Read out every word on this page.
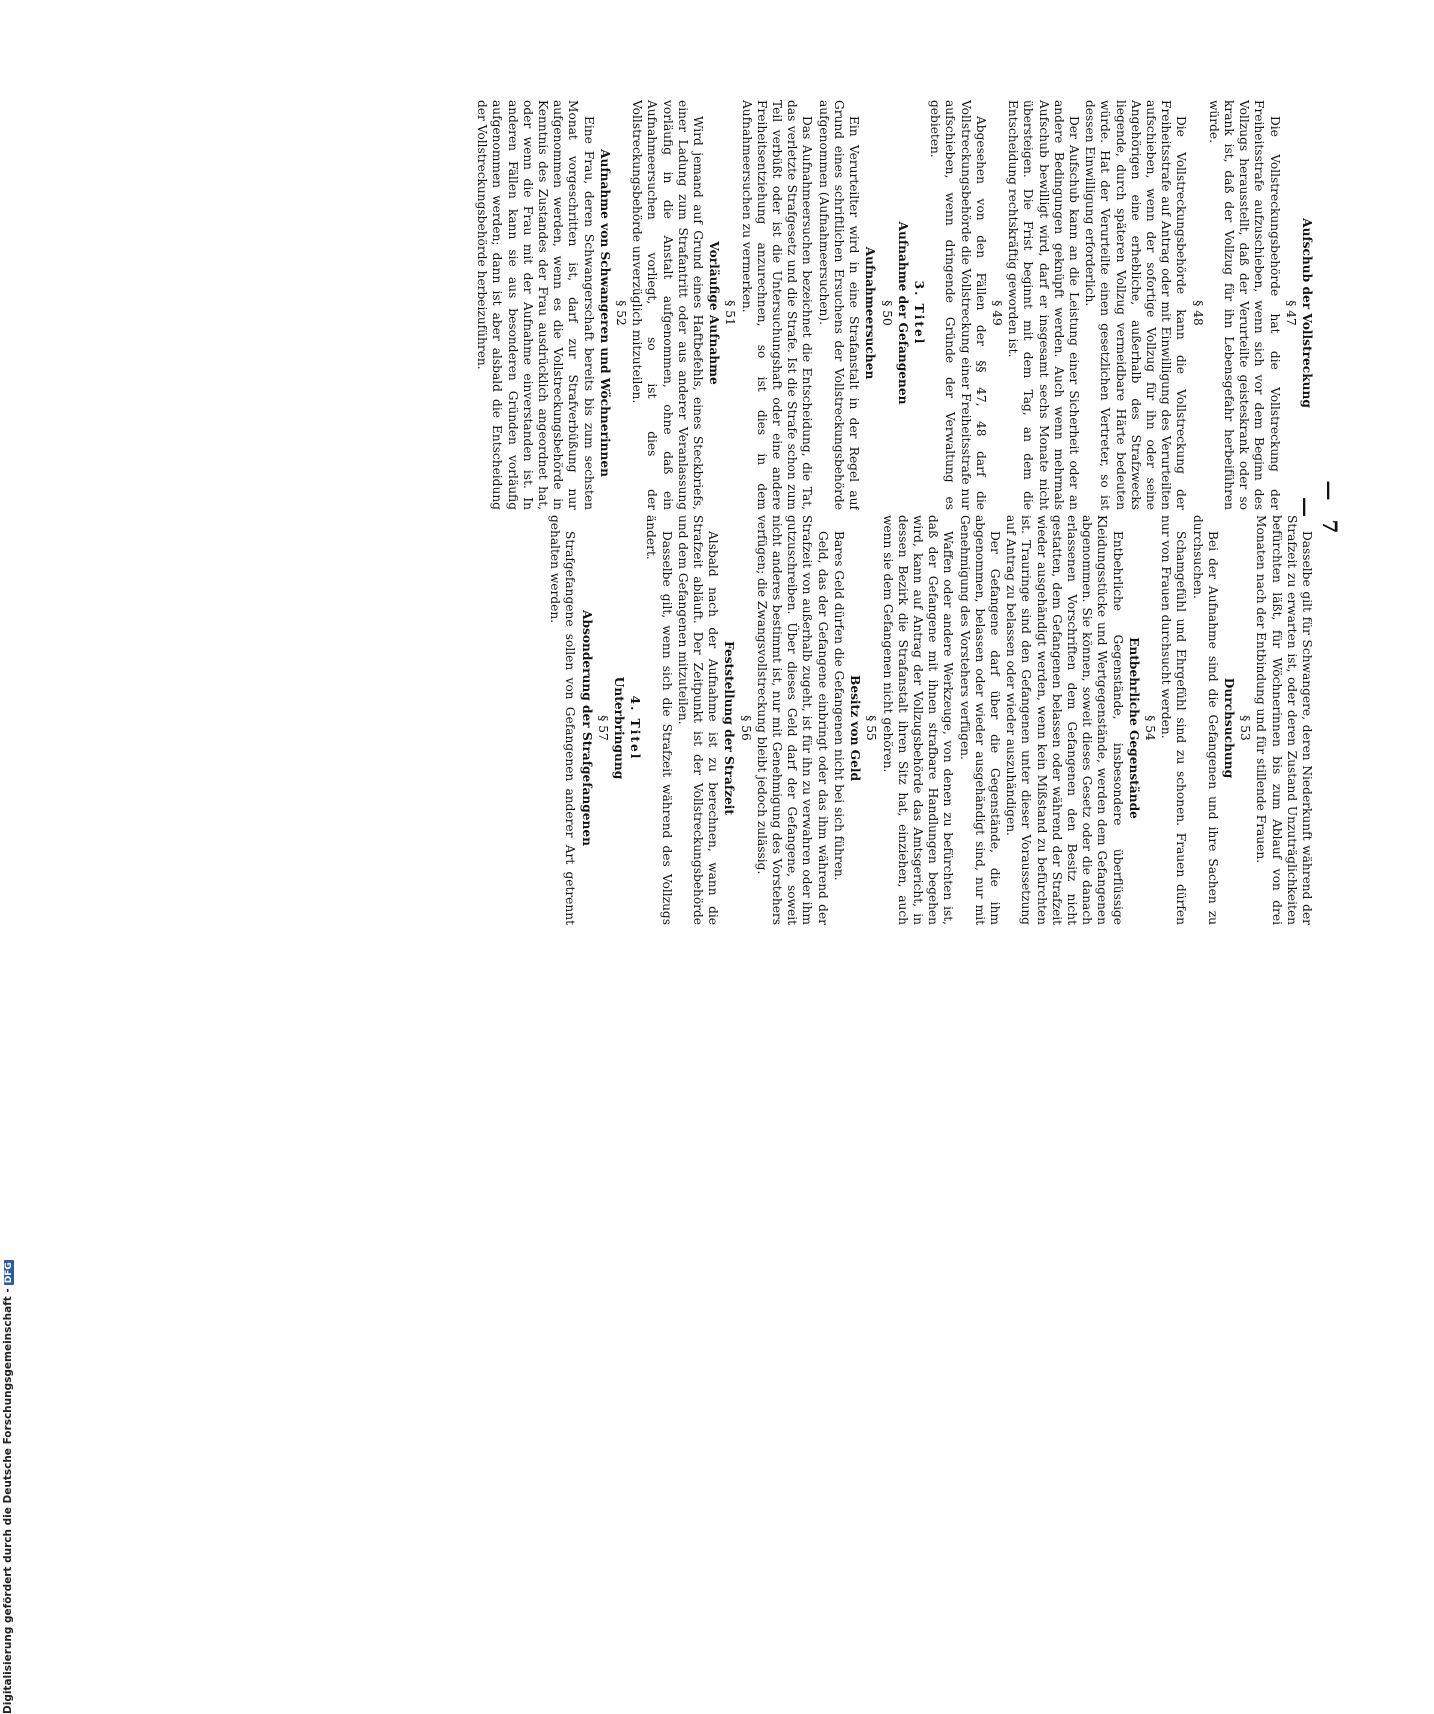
— 7 —

Aufschub der Vollstreckung

§ 47

Die Vollstreckungsbehörde hat die Vollstreckung der Freiheitsstrafe aufzuschieben, wenn sich vor dem Beginn des Vollzugs herausstellt, daß der Verurteilte geisteskrank oder so krank ist, daß der Vollzug für ihn Lebensgefahr herbeiführen würde.

§ 48

Die Vollstreckungsbehörde kann die Vollstreckung der Freiheitsstrafe auf Antrag oder mit Einwilligung des Verurteilten aufschieben, wenn der sofortige Vollzug für ihn oder seine Angehörigen eine erhebliche, außerhalb des Strafzwecks liegende, durch späteren Vollzug vermeidbare Härte bedeuten würde. Hat der Verurteilte einen gesetzlichen Vertreter, so ist dessen Einwilligung erforderlich.

Der Aufschub kann an die Leistung einer Sicherheit oder an andere Bedingungen geknüpft werden. Auch wenn mehrmals Aufschub bewilligt wird, darf er insgesamt sechs Monate nicht übersteigen. Die Frist beginnt mit dem Tag, an dem die Entscheidung rechtskräftig geworden ist.

§ 49

Abgesehen von den Fällen der §§ 47, 48 darf die Vollstreckungsbehörde die Vollstreckung einer Freiheitsstrafe nur aufschieben, wenn dringende Gründe der Verwaltung es gebieten.

3. Titel

Aufnahme der Gefangenen

§ 50

Aufnahmeersuchen

Ein Verurteilter wird in eine Strafanstalt in der Regel auf Grund eines schriftlichen Ersuchens der Vollstreckungsbehörde aufgenommen (Aufnahmeersuchen).

Das Aufnahmeersuchen bezeichnet die Entscheidung, die Tat, das verletzte Strafgesetz und die Strafe. Ist die Strafe schon zum Teil verbüßt oder ist die Untersuchungshaft oder eine andere Freiheitsentziehung anzurechnen, so ist dies in dem Aufnahmeersuchen zu vermerken.

§ 51

Vorläufige Aufnahme

Wird jemand auf Grund eines Haftbefehls, eines Steckbriefs, einer Ladung zum Strafantritt oder aus anderer Veranlassung vorläufig in die Anstalt aufgenommen, ohne daß ein Aufnahmeersuchen vorliegt, so ist dies der Vollstreckungsbehörde unverzüglich mitzuteilen.

§ 52

Aufnahme von Schwangeren und Wöchnerinnen

Eine Frau, deren Schwangerschaft bereits bis zum sechsten Monat vorgeschritten ist, darf zur Strafverbüßung nur aufgenommen werden, wenn es die Vollstreckungsbehörde in Kenntnis des Zustandes der Frau ausdrücklich angeordnet hat, oder wenn die Frau mit der Aufnahme einverstanden ist. In anderen Fällen kann sie aus besonderen Gründen vorläufig aufgenommen werden; dann ist aber alsbald die Entscheidung der Vollstreckungsbehörde herbeizuführen.

Dasselbe gilt für Schwangere, deren Niederkunft während der Strafzeit zu erwarten ist, oder deren Zustand Unzuträglichkeiten befürchten läßt, für Wöchnerinnen bis zum Ablauf von drei Monaten nach der Entbindung und für stillende Frauen.

§ 53

Durchsuchung

Bei der Aufnahme sind die Gefangenen und ihre Sachen zu durchsuchen.

Schamgefühl und Ehrgefühl sind zu schonen. Frauen dürfen nur von Frauen durchsucht werden.

§ 54

Entbehrliche Gegenstände

Entbehrliche Gegenstände, insbesondere überflüssige Kleidungsstücke und Wertgegenstände, werden dem Gefangenen abgenommen. Sie können, soweit dieses Gesetz oder die danach erlassenen Vorschriften dem Gefangenen den Besitz nicht gestatten, dem Gefangenen belassen oder während der Strafzeit wieder ausgehändigt werden, wenn kein Mißstand zu befürchten ist. Trauringe sind den Gefangenen unter dieser Voraussetzung auf Antrag zu belassen oder wieder auszuhändigen.

Der Gefangene darf über die Gegenstände, die ihm abgenommen, belassen oder wieder ausgehändigt sind, nur mit Genehmigung des Vorstehers verfügen.

Waffen oder andere Werkzeuge, von denen zu befürchten ist, daß der Gefangene mit ihnen strafbare Handlungen begehen wird, kann auf Antrag der Vollzugsbehörde das Amtsgericht, in dessen Bezirk die Strafanstalt ihren Sitz hat, einziehen, auch wenn sie dem Gefangenen nicht gehören.

§ 55

Besitz von Geld

Bares Geld dürfen die Gefangenen nicht bei sich führen.

Geld, das der Gefangene einbringt oder das ihm während der Strafzeit von außerhalb zugeht, ist für ihn zu verwahren oder ihm gutzuschreiben. Über dieses Geld darf der Gefangene, soweit nicht anderes bestimmt ist, nur mit Genehmigung des Vorstehers verfügen; die Zwangsvollstreckung bleibt jedoch zulässig.

§ 56

Feststellung der Strafzeit

Alsbald nach der Aufnahme ist zu berechnen, wann die Strafzeit abläuft. Der Zeitpunkt ist der Vollstreckungsbehörde und dem Gefangenen mitzuteilen.

Dasselbe gilt, wenn sich die Strafzeit während des Vollzugs ändert.

4. Titel

Unterbringung

§ 57

Absonderung der Strafgefangenen

Strafgefangene sollen von Gefangenen anderer Art getrennt gehalten werden.

Digitalisierung gefördert durch die Deutsche Forschungsgemeinschaft -DFG
